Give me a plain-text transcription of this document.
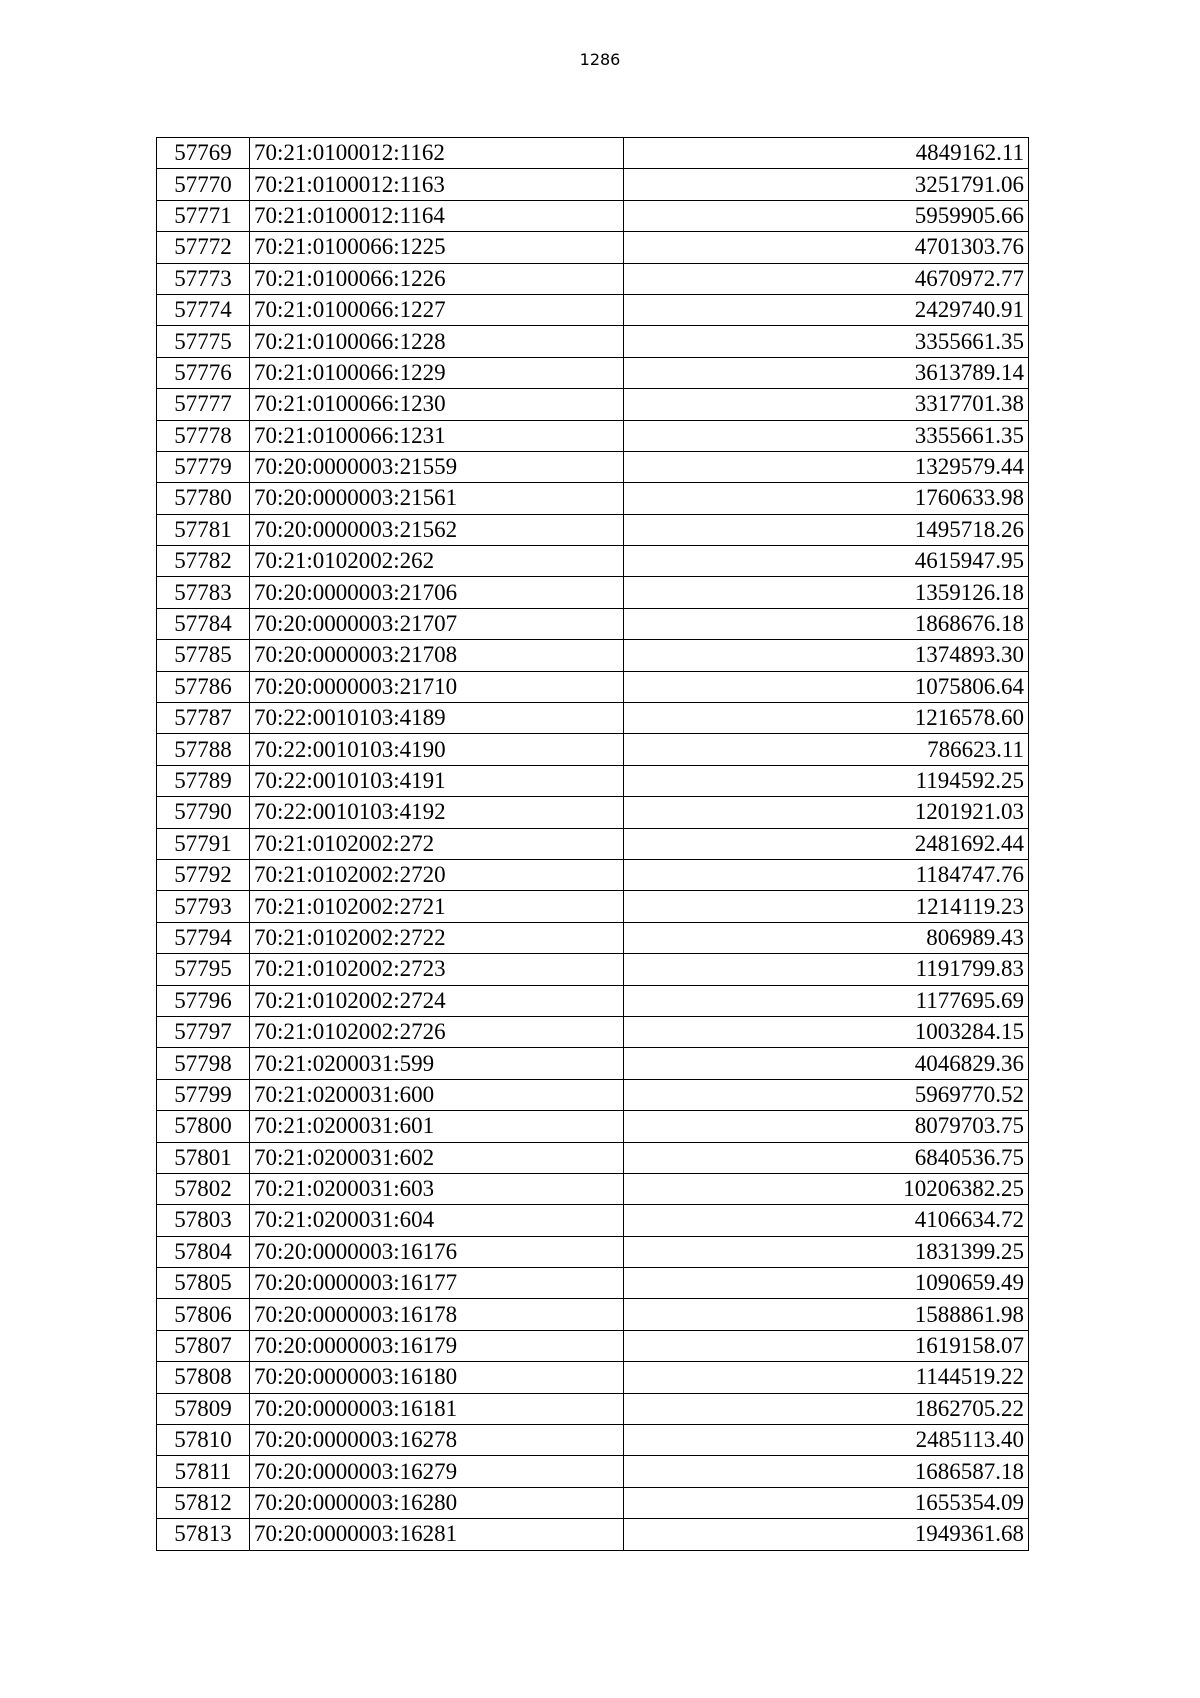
1286
57769	70:21:0100012:1162	4849162.11
57770	70:21:0100012:1163	3251791.06
57771	70:21:0100012:1164	5959905.66
57772	70:21:0100066:1225	4701303.76
57773	70:21:0100066:1226	4670972.77
57774	70:21:0100066:1227	2429740.91
57775	70:21:0100066:1228	3355661.35
57776	70:21:0100066:1229	3613789.14
57777	70:21:0100066:1230	3317701.38
57778	70:21:0100066:1231	3355661.35
57779	70:20:0000003:21559	1329579.44
57780	70:20:0000003:21561	1760633.98
57781	70:20:0000003:21562	1495718.26
57782	70:21:0102002:262	4615947.95
57783	70:20:0000003:21706	1359126.18
57784	70:20:0000003:21707	1868676.18
57785	70:20:0000003:21708	1374893.30
57786	70:20:0000003:21710	1075806.64
57787	70:22:0010103:4189	1216578.60
57788	70:22:0010103:4190	786623.11
57789	70:22:0010103:4191	1194592.25
57790	70:22:0010103:4192	1201921.03
57791	70:21:0102002:272	2481692.44
57792	70:21:0102002:2720	1184747.76
57793	70:21:0102002:2721	1214119.23
57794	70:21:0102002:2722	806989.43
57795	70:21:0102002:2723	1191799.83
57796	70:21:0102002:2724	1177695.69
57797	70:21:0102002:2726	1003284.15
57798	70:21:0200031:599	4046829.36
57799	70:21:0200031:600	5969770.52
57800	70:21:0200031:601	8079703.75
57801	70:21:0200031:602	6840536.75
57802	70:21:0200031:603	10206382.25
57803	70:21:0200031:604	4106634.72
57804	70:20:0000003:16176	1831399.25
57805	70:20:0000003:16177	1090659.49
57806	70:20:0000003:16178	1588861.98
57807	70:20:0000003:16179	1619158.07
57808	70:20:0000003:16180	1144519.22
57809	70:20:0000003:16181	1862705.22
57810	70:20:0000003:16278	2485113.40
57811	70:20:0000003:16279	1686587.18
57812	70:20:0000003:16280	1655354.09
57813	70:20:0000003:16281	1949361.68
